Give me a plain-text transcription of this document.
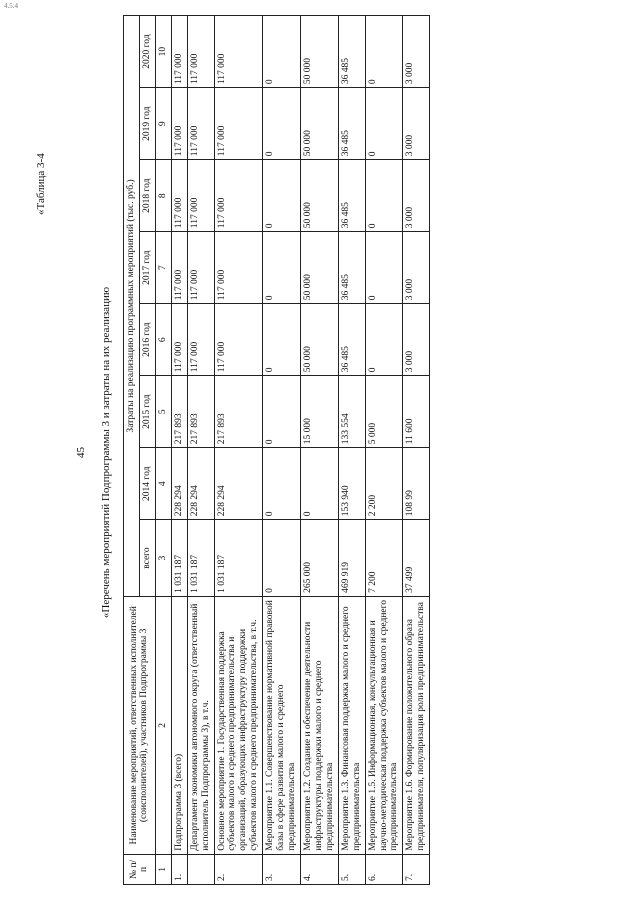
4.5.4
45
«Таблица 3-4
«Перечень мероприятий Подпрограммы 3 и затраты на их реализацию
№ п/п	Наименование мероприятий, ответственных исполнителей (соисполнителей), участников Подпрограммы 3	Затраты на реализацию программных мероприятий (тыс. руб.)							
		всего	2014 год	2015 год	2016 год	2017 год	2018 год	2019 год	2020 год
1	2	3	4	5	6	7	8	9	10
1.	Подпрограмма 3 (всего)	1 031 187	228 294	217 893	117 000	117 000	117 000	117 000	117 000
	Департамент экономики автономного округа (ответственный исполнитель Подпрограммы 3), в т.ч.	1 031 187	228 294	217 893	117 000	117 000	117 000	117 000	117 000
2.	Основное мероприятие 1. Государственная поддержка субъектов малого и среднего предпринимательства и организаций, образующих инфраструктуру поддержки субъектов малого и среднего предпринимательства, в т.ч.	1 031 187	228 294	217 893	117 000	117 000	117 000	117 000	117 000
3.	Мероприятие 1.1. Совершенствование нормативной правовой базы в сфере развития малого и среднего предпринимательства	0	0	0	0	0	0	0	0
4.	Мероприятие 1.2. Создание и обеспечение деятельности инфраструктуры поддержки малого и среднего предпринимательства	265 000	0	15 000	50 000	50 000	50 000	50 000	50 000
5.	Мероприятие 1.3. Финансовая поддержка малого и среднего предпринимательства	469 919	153 940	133 554	36 485	36 485	36 485	36 485	36 485
6.	Мероприятие 1.5. Информационная, консультационная и научно-методическая поддержка субъектов малого и среднего предпринимательства	7 200	2 200	5 000	0	0	0	0	0
7.	Мероприятие 1.6. Формирование положительного образа предпринимателя, популяризация роли предпринимательства	37 499	108 99	11 600	3 000	3 000	3 000	3 000	3 000
